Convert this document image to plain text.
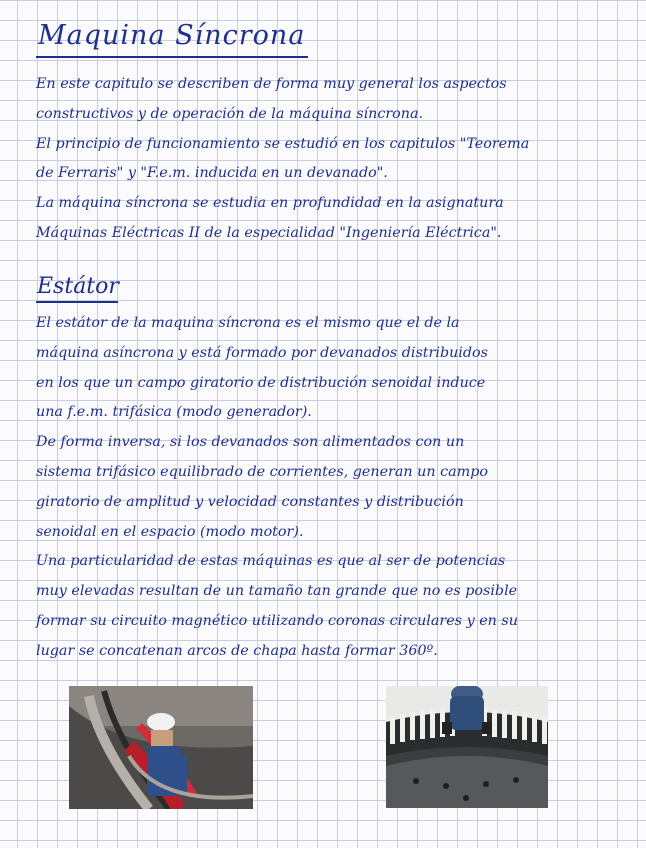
Maquina Síncrona

En este capitulo se describen de forma muy general los aspectos
constructivos y de operación de la máquina síncrona.
El principio de funcionamiento se estudió en los capitulos "Teorema
de Ferraris" y "F.e.m. inducida en un devanado".
La máquina síncrona se estudia en profundidad en la asignatura
Máquinas Eléctricas II de la especialidad "Ingeniería Eléctrica".

Estátor

El estátor de la maquina síncrona es el mismo que el de la
máquina asíncrona y está formado por devanados distribuidos
en los que un campo giratorio de distribución senoidal induce
una f.e.m. trifásica (modo generador).
De forma inversa, si los devanados son alimentados con un
sistema trifásico equilibrado de corrientes, generan un campo
giratorio de amplitud y velocidad constantes y distribución
senoidal en el espacio (modo motor).
Una particularidad de estas máquinas es que al ser de potencias
muy elevadas resultan de un tamaño tan grande que no es posible
formar su circuito magnético utilizando coronas circulares y en su
lugar se concatenan arcos de chapa hasta formar 360º.
